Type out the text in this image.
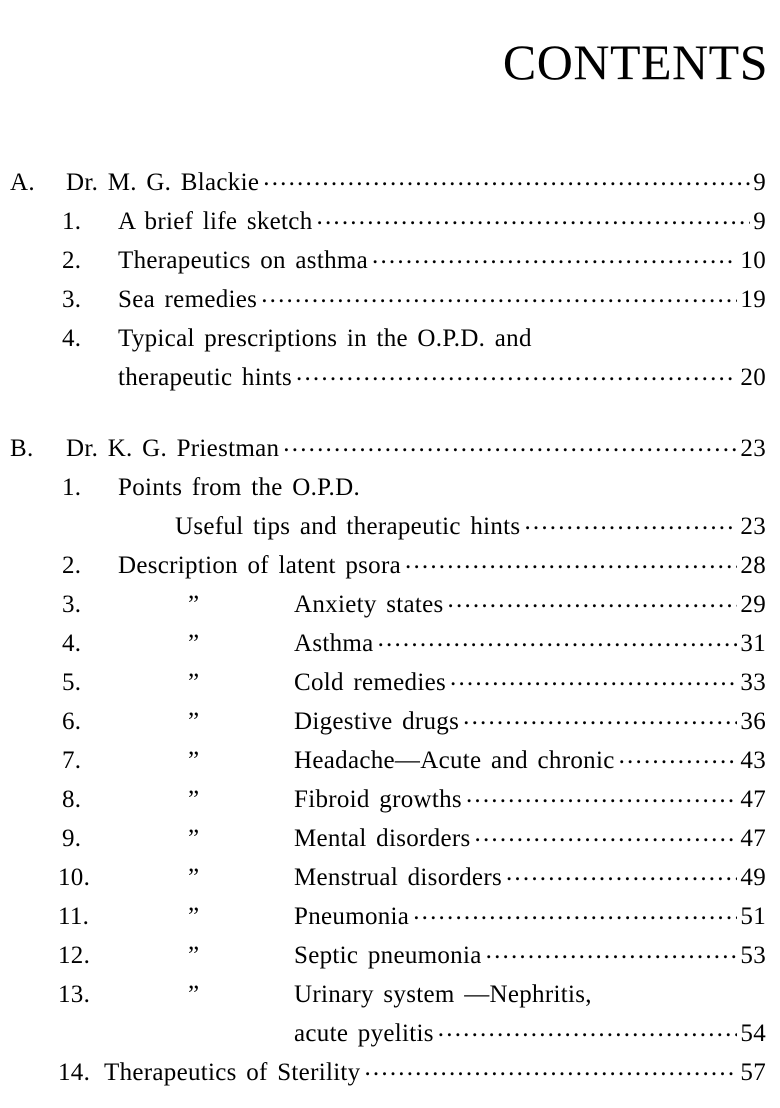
CONTENTS
A.	Dr. M. G. Blackie .....	9
1.	A brief life sketch .....	9
2.	Therapeutics on asthma .....	10
3.	Sea remedies .....	19
4.	Typical prescriptions in the O.P.D. and
therapeutic hints .....	20
B.	Dr. K. G. Priestman .....	23
1.	Points from the O.P.D.
Useful tips and therapeutic hints .....	23
2.	Description of latent psora .....	28
3.	”	Anxiety states .....	29
4.	”	Asthma .....	31
5.	”	Cold remedies .....	33
6.	”	Digestive drugs .....	36
7.	”	Headache—Acute and chronic .....	43
8.	”	Fibroid growths .....	47
9.	”	Mental disorders .....	47
10.	”	Menstrual disorders .....	49
11.	”	Pneumonia .....	51
12.	”	Septic pneumonia .....	53
13.	”	Urinary system —Nephritis,
acute pyelitis .....	54
14. Therapeutics of Sterility .....	57
